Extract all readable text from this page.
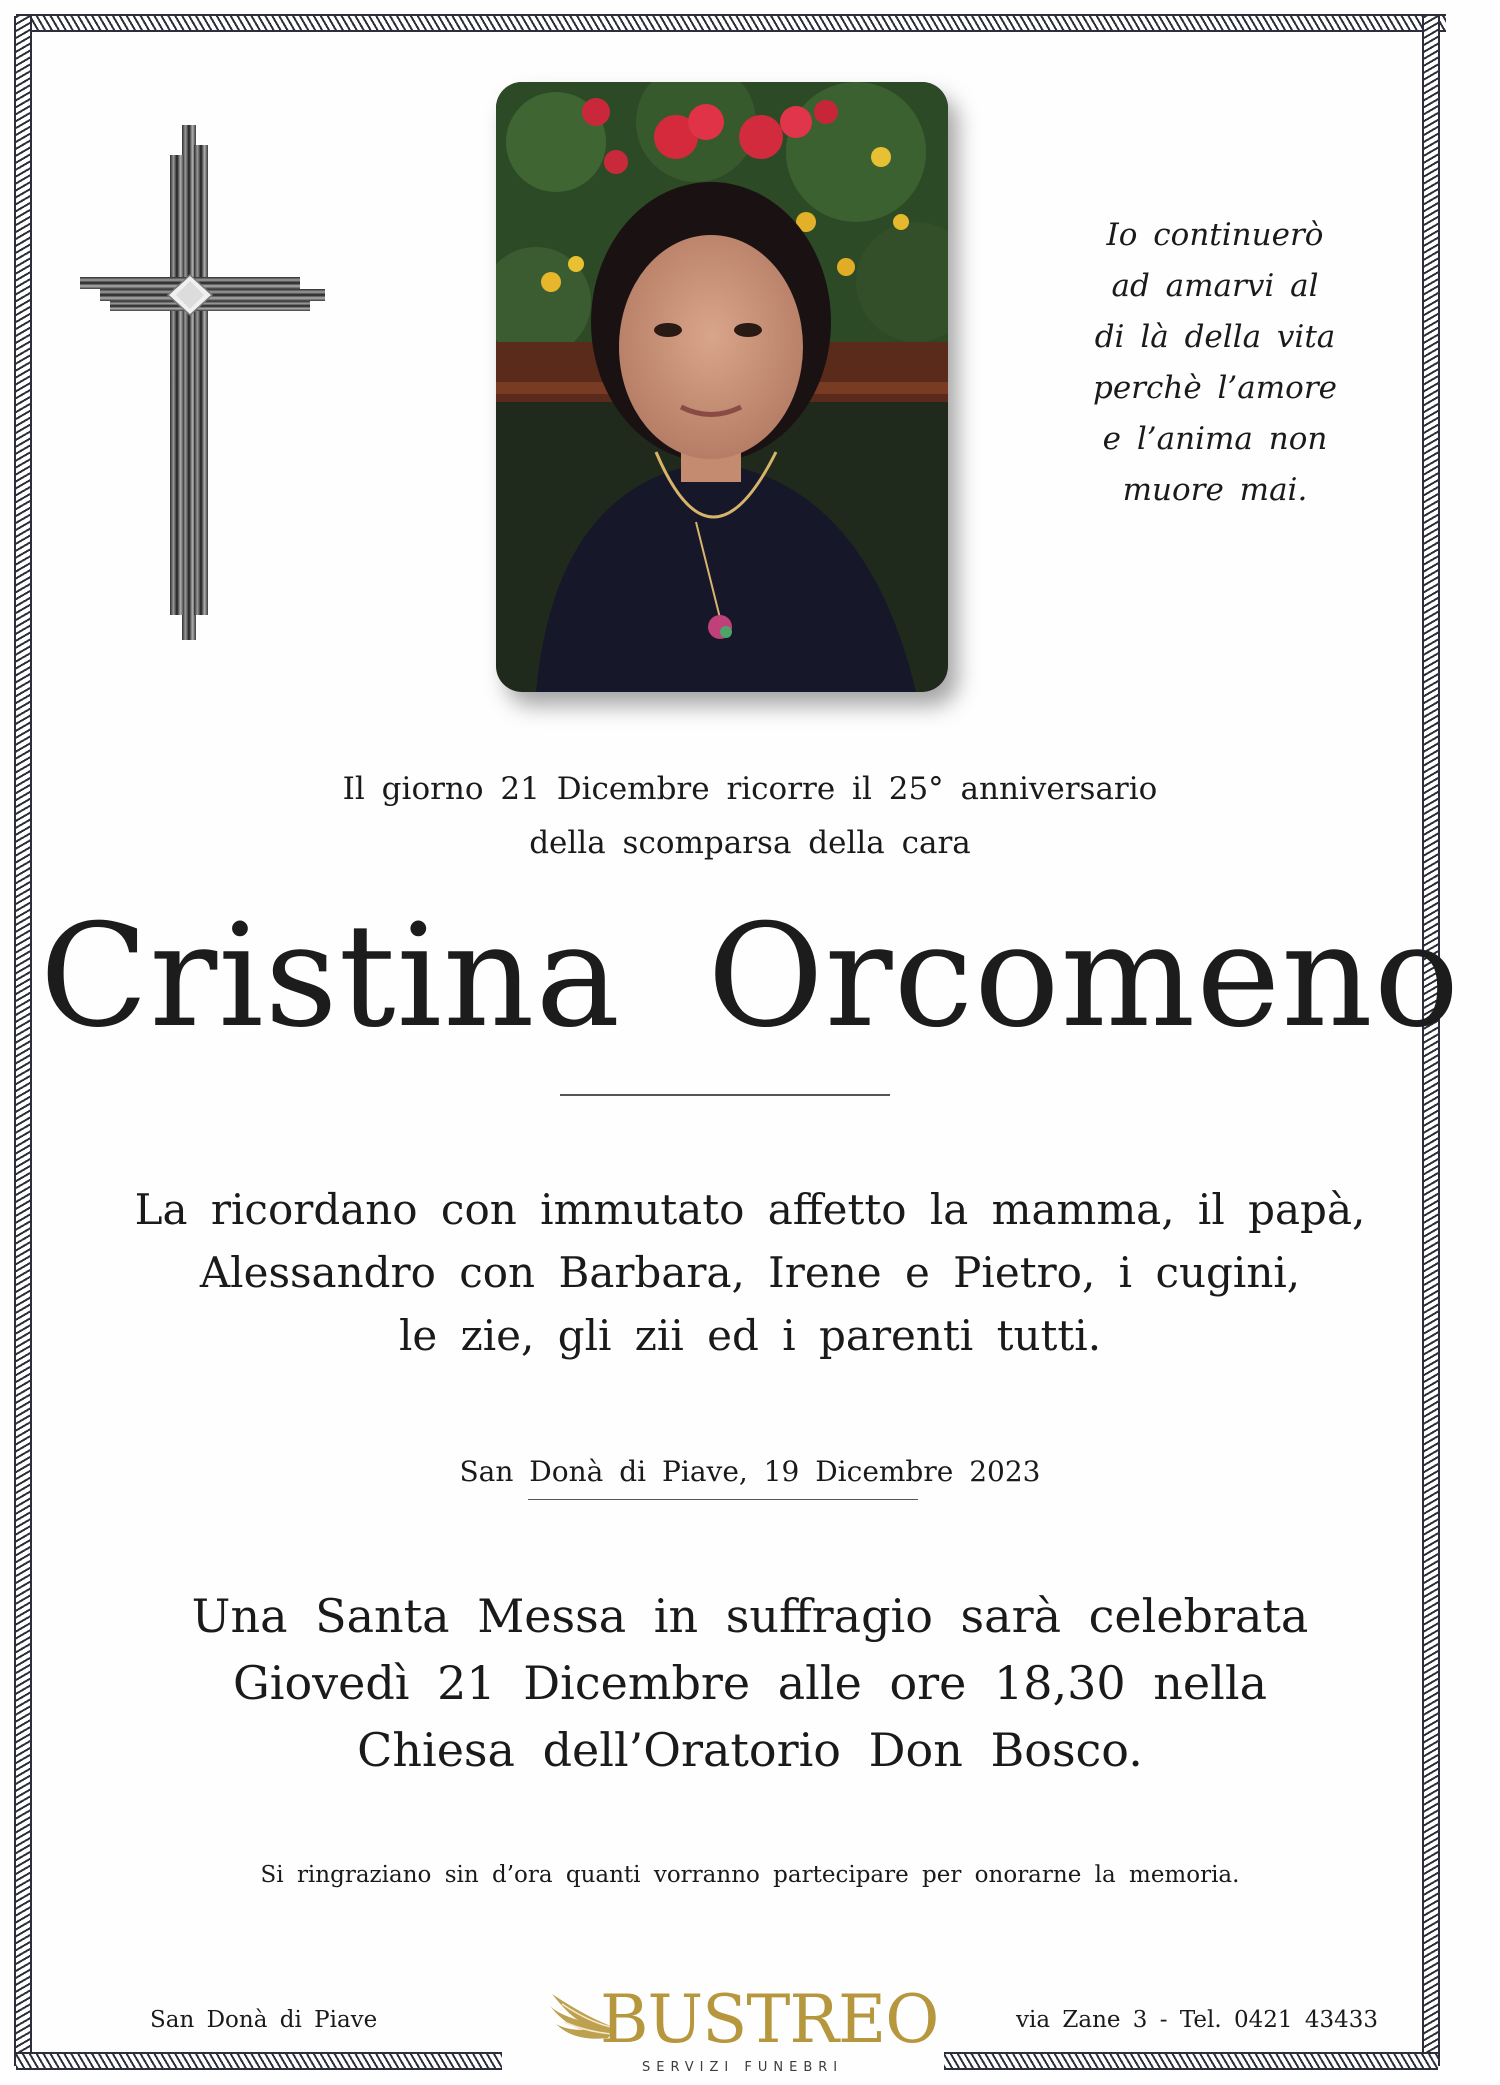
Io continuerò
ad amarvi al
di là della vita
perchè l’amore
e l’anima non
muore mai.
Il giorno 21 Dicembre ricorre il 25° anniversario
della scomparsa della cara
Cristina Orcomeno
La ricordano con immutato affetto la mamma, il papà,
Alessandro con Barbara, Irene e Pietro, i cugini,
le zie, gli zii ed i parenti tutti.
San Donà di Piave, 19 Dicembre 2023
Una Santa Messa in suffragio sarà celebrata
Giovedì 21 Dicembre alle ore 18,30 nella
Chiesa dell’Oratorio Don Bosco.
Si ringraziano sin d’ora quanti vorranno partecipare per onorarne la memoria.
San Donà di Piave	via Zane 3 - Tel. 0421 43433
BUSTREO
SERVIZI FUNEBRI
